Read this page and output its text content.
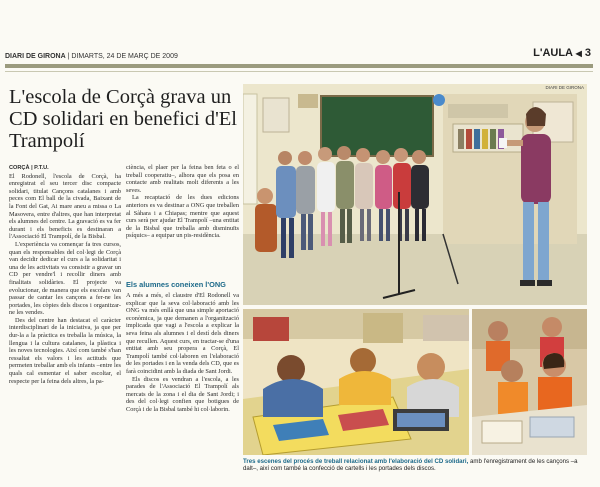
DIARI DE GIRONA | DIMARTS, 24 DE MARÇ DE 2009	L'AULA ◀ 3
L'escola de Corçà grava un CD solidari en benefici d'El Trampolí
CORÇÀ | P.T.U.

El Rodonell, l'escola de Corçà, ha enregistrat el seu tercer disc compacte solidari, titulat Cançons catalanes i amb peces com El ball de la civada, Baixant de la Font del Gat, Ai mare aneu a missa o La Masovera, entre d'altres, que han interpretat els alumnes del centre. La gravació es va fer durant i els beneficis es destinaran a l'Associació El Trampolí, de la Bisbal.

L'experiència va començar fa tres cursos, quan els responsables del col·legi de Corçà van decidir dedicar el curs a la solidaritat i una de les activitats va consistir a gravar un CD per vendre'l i recollir diners amb finalitats solidàries. El projecte va evolucionar, de manera que els escolars van passar de cantar les cançons a fer-ne les portades, les còpies dels discos i organitzar-ne les vendes.

Des del centre han destacat el caràcter interdisciplinari de la iniciativa, ja que per dur-la a la pràctica es treballa la música, la llengua i la cultura catalanes, la plàstica i les noves tecnologies. Així com també s'han ressaltat els valors i les actituds que permeten treballar amb els infants –entre les quals cal esmentar el saber escoltar, el respecte per la feina dels altres, la pa-

ciència, el plaer per la feina ben feta o el treball cooperatiu–, alhora que els posa en contacte amb realitats molt diferents a les seves.

La recaptació de les dues edicions anteriors es va destinar a ONG que treballen al Sàhara i a Chiapas; mentre que aquest curs serà per ajudar El Trampolí –una entitat de la Bisbal que treballa amb disminuïts psíquics– a equipar un pis-residència.

Els alumnes coneixen l'ONG

A més a més, el claustre d'El Rodonell va explicar que la seva col·laboració amb les ONG va més enllà que una simple aportació econòmica, ja que demanen a l'organització implicada que vagi a l'escola a explicar la seva feina als alumnes i el destí dels diners que recullen. Aquest curs, en tractar-se d'una entitat amb seu propera a Corçà, El Trampolí també col·laboren en l'elaboració de les portades i en la venda dels CD, que es farà coincidint amb la diada de Sant Jordi.

Els discos es vendran a l'escola, a les parades de l'Associació El Trampolí als mercats de la zona i el dia de Sant Jordi; i des del col·legi confien que botigues de Corçà i de la Bisbal també hi col·laborin.

DIARI DE GIRONA
Tres escenes del procés de treball relacionat amb l'elaboració del CD solidari, amb l'enregistrament de les cançons –a dalt–, així com també la confecció de cartells i les portades dels discos.
